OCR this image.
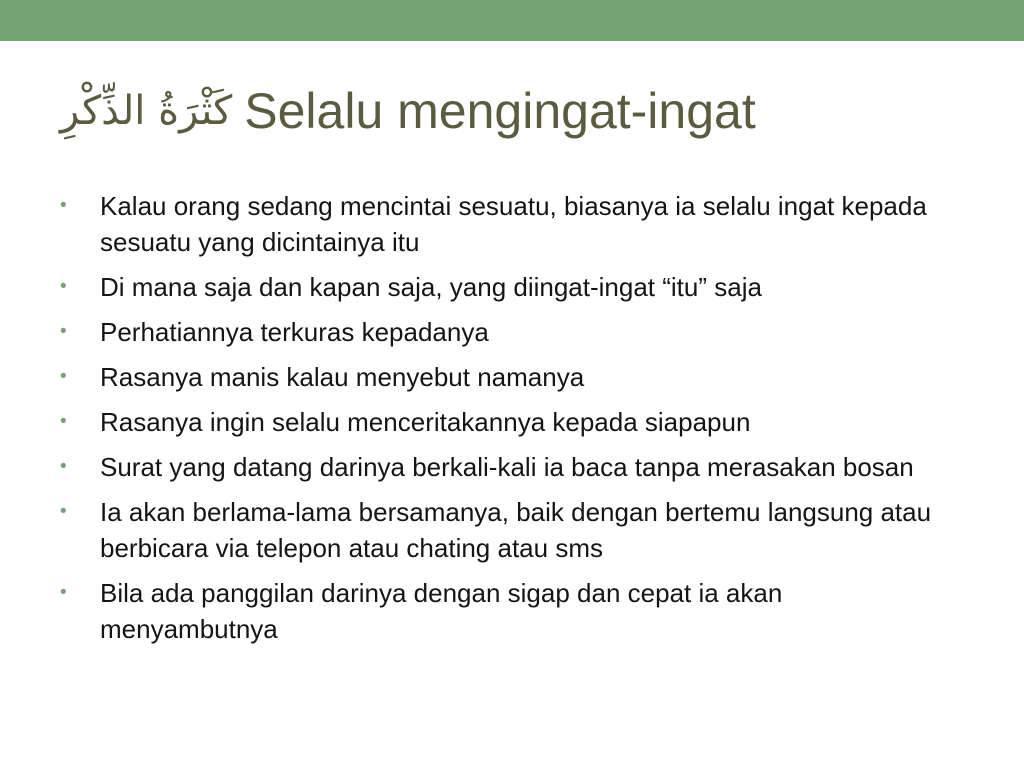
كَثْرَةُ الذِّكْرِ Selalu mengingat-ingat
• Kalau orang sedang mencintai sesuatu, biasanya ia selalu ingat kepada sesuatu yang dicintainya itu
• Di mana saja dan kapan saja, yang diingat-ingat “itu” saja
• Perhatiannya terkuras kepadanya
• Rasanya manis kalau menyebut namanya
• Rasanya ingin selalu menceritakannya kepada siapapun
• Surat yang datang darinya berkali-kali ia baca tanpa merasakan bosan
• Ia akan berlama-lama bersamanya, baik dengan bertemu langsung atau berbicara via telepon atau chating atau sms
• Bila ada panggilan darinya dengan sigap dan cepat ia akan menyambutnya
